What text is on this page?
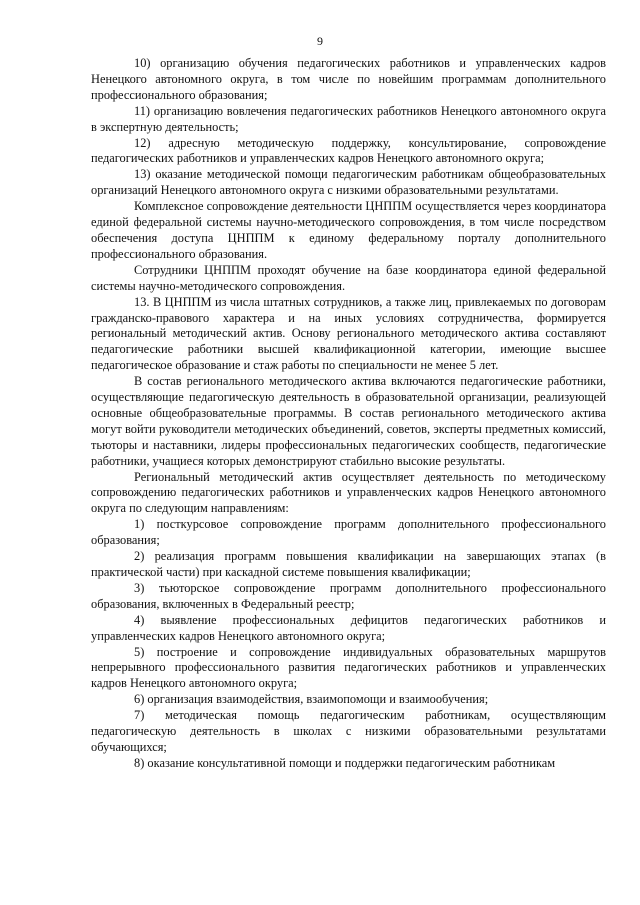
9

10) организацию обучения педагогических работников и управленческих кадров Ненецкого автономного округа, в том числе по новейшим программам дополнительного профессионального образования;

11) организацию вовлечения педагогических работников Ненецкого автономного округа в экспертную деятельность;

12) адресную методическую поддержку, консультирование, сопровождение педагогических работников и управленческих кадров Ненецкого автономного округа;

13) оказание методической помощи педагогическим работникам общеобразовательных организаций Ненецкого автономного округа с низкими образовательными результатами.

Комплексное сопровождение деятельности ЦНППМ осуществляется через координатора единой федеральной системы научно-методического сопровождения, в том числе посредством обеспечения доступа ЦНППМ к единому федеральному порталу дополнительного профессионального образования.

Сотрудники ЦНППМ проходят обучение на базе координатора единой федеральной системы научно-методического сопровождения.

13. В ЦНППМ из числа штатных сотрудников, а также лиц, привлекаемых по договорам гражданско-правового характера и на иных условиях сотрудничества, формируется региональный методический актив. Основу регионального методического актива составляют педагогические работники высшей квалификационной категории, имеющие высшее педагогическое образование и стаж работы по специальности не менее 5 лет.

В состав регионального методического актива включаются педагогические работники, осуществляющие педагогическую деятельность в образовательной организации, реализующей основные общеобразовательные программы. В состав регионального методического актива могут войти руководители методических объединений, советов, эксперты предметных комиссий, тьюторы и наставники, лидеры профессиональных педагогических сообществ, педагогические работники, учащиеся которых демонстрируют стабильно высокие результаты.

Региональный методический актив осуществляет деятельность по методическому сопровождению педагогических работников и управленческих кадров Ненецкого автономного округа по следующим направлениям:

1) посткурсовое сопровождение программ дополнительного профессионального образования;

2) реализация программ повышения квалификации на завершающих этапах (в практической части) при каскадной системе повышения квалификации;

3) тьюторское сопровождение программ дополнительного профессионального образования, включенных в Федеральный реестр;

4) выявление профессиональных дефицитов педагогических работников и управленческих кадров Ненецкого автономного округа;

5) построение и сопровождение индивидуальных образовательных маршрутов непрерывного профессионального развития педагогических работников и управленческих кадров Ненецкого автономного округа;

6) организация взаимодействия, взаимопомощи и взаимообучения;

7) методическая помощь педагогическим работникам, осуществляющим педагогическую деятельность в школах с низкими образовательными результатами обучающихся;

8) оказание консультативной помощи и поддержки педагогическим работникам
